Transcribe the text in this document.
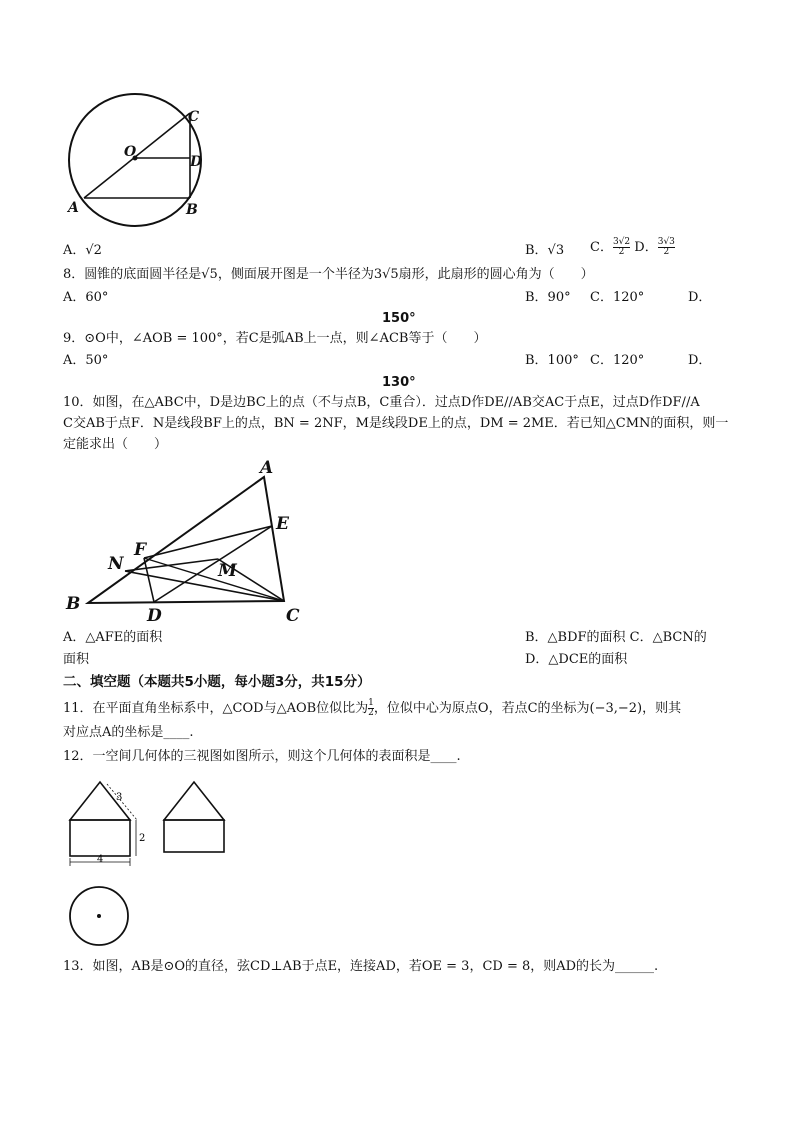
O
C
D
A	B
A．√2	B．√3 C． $\frac{3√2}{2}$ D． $\frac{3√3}{2}$
8．圆锥的底面圆半径是√5，侧面展开图是一个半径为3√5扇形，此扇形的圆心角为（　　）
A．60°	B．90° C．120°	D．
150°
9．⊙O中，∠AOB = 100°，若C是弧AB上一点，则∠ACB等于（　　）
A．50°	B．100° C．120°	D．
130°
10．如图，在△ABC中，D是边BC上的点（不与点B，C重合）．过点D作DE//AB交AC于点E，过点D作DF//A
C交AB于点F．N是线段BF上的点，BN = 2NF，M是线段DE上的点，DM = 2ME．若已知△CMN的面积，则一
定能求出（　　）
A
E
F
N	M
B
D	C
A．△AFE的面积	B．△BDF的面积 C．△BCN的
面积	D．△DCE的面积
二、填空题（本题共5小题，每小题3分，共15分）
11．在平面直角坐标系中，△COD与△AOB位似比为 $\frac{1}{2}$ ，位似中心为原点O，若点C的坐标为(−3,−2)，则其
对应点A的坐标是____.
12．一空间几何体的三视图如图所示，则这个几何体的表面积是____.
3
2
4
13．如图，AB是⊙O的直径，弦CD⊥AB于点E，连接AD，若OE = 3，CD = 8，则AD的长为______.
